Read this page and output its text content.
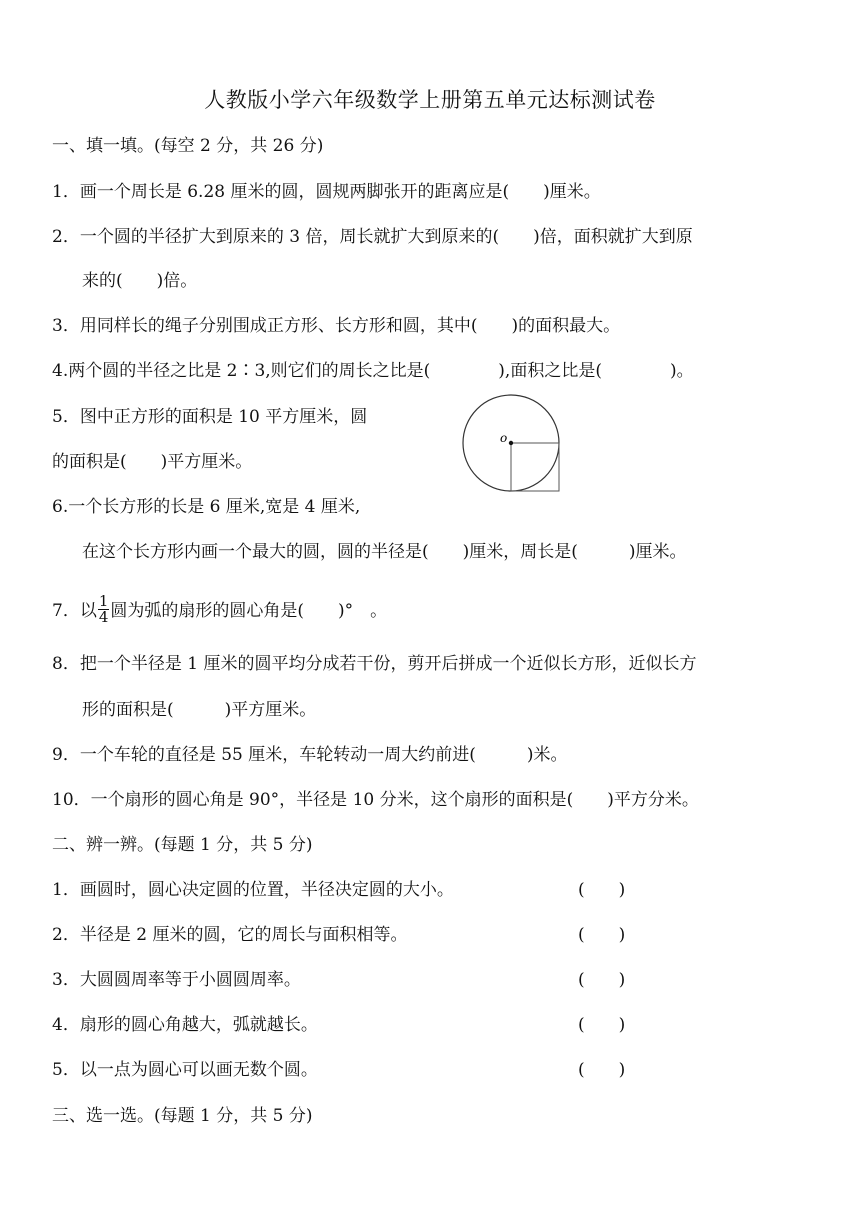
人教版小学六年级数学上册第五单元达标测试卷
一、填一填。(每空 2 分，共 26 分)
1．画一个周长是 6.28 厘米的圆，圆规两脚张开的距离应是(　　)厘米。
2．一个圆的半径扩大到原来的 3 倍，周长就扩大到原来的(　　)倍，面积就扩大到原
来的(　　)倍。
3．用同样长的绳子分别围成正方形、长方形和圆，其中(　　)的面积最大。
4.两个圆的半径之比是 2∶3,则它们的周长之比是(　　　　),面积之比是(　　　　)。
5．图中正方形的面积是 10 平方厘米，圆
的面积是(　　)平方厘米。
o
6.一个长方形的长是 6 厘米,宽是 4 厘米,
在这个长方形内画一个最大的圆，圆的半径是(　　)厘米，周长是(　　　)厘米。
7．以 $\frac{1}{4}$ 圆为弧的扇形的圆心角是(　　)°　。
8．把一个半径是 1 厘米的圆平均分成若干份，剪开后拼成一个近似长方形，近似长方
形的面积是(　　　)平方厘米。
9．一个车轮的直径是 55 厘米，车轮转动一周大约前进(　　　)米。
10．一个扇形的圆心角是 90°，半径是 10 分米，这个扇形的面积是(　　)平方分米。
二、辨一辨。(每题 1 分，共 5 分)
1．画圆时，圆心决定圆的位置，半径决定圆的大小。	(　　)
2．半径是 2 厘米的圆，它的周长与面积相等。	(　　)
3．大圆圆周率等于小圆圆周率。	(　　)
4．扇形的圆心角越大，弧就越长。	(　　)
5．以一点为圆心可以画无数个圆。	(　　)
三、选一选。(每题 1 分，共 5 分)
